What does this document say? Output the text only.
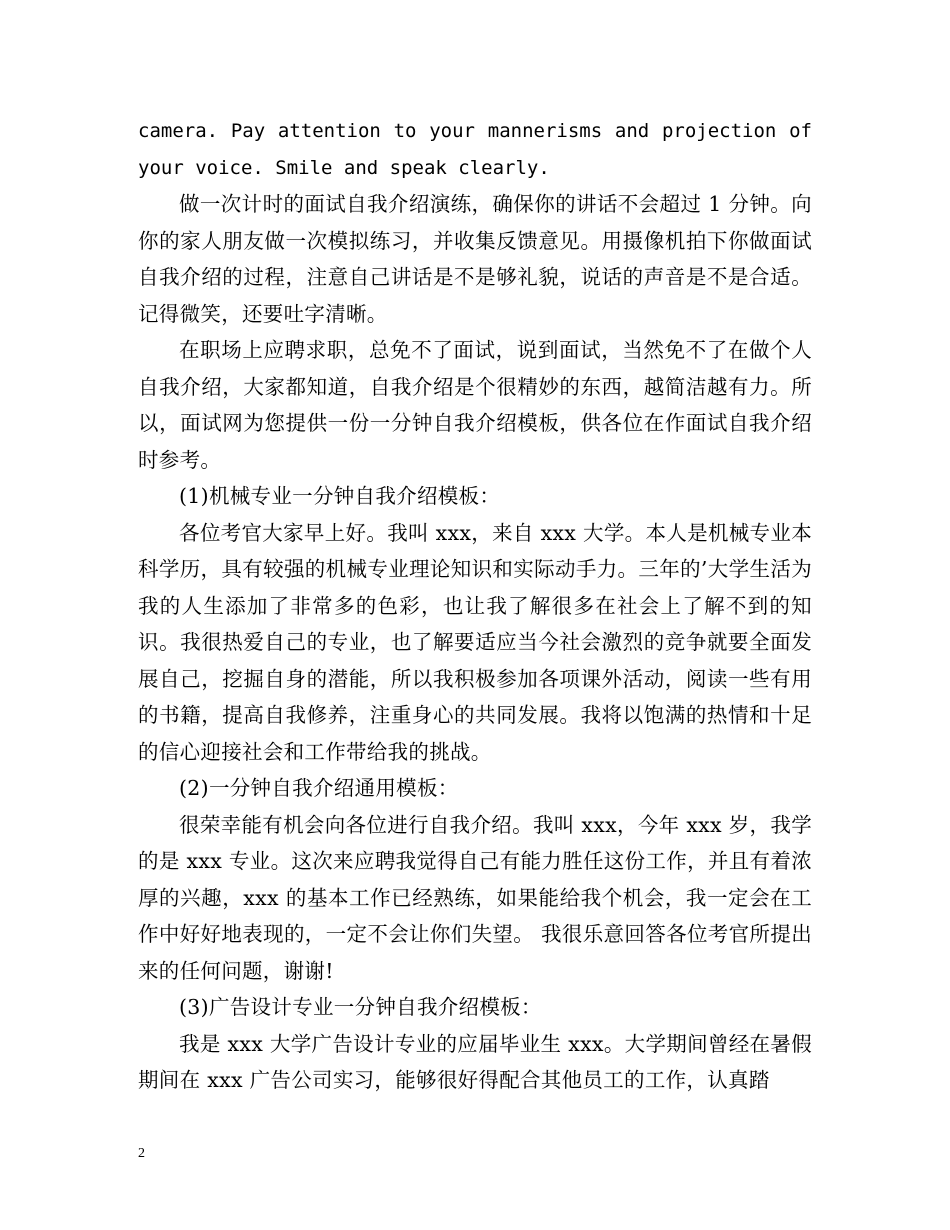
camera. Pay attention to your mannerisms and projection of your voice. Smile and speak clearly.

做一次计时的面试自我介绍演练，确保你的讲话不会超过 1 分钟。向你的家人朋友做一次模拟练习，并收集反馈意见。用摄像机拍下你做面试自我介绍的过程，注意自己讲话是不是够礼貌，说话的声音是不是合适。记得微笑，还要吐字清晰。

在职场上应聘求职，总免不了面试，说到面试，当然免不了在做个人自我介绍，大家都知道，自我介绍是个很精妙的东西，越简洁越有力。所以，面试网为您提供一份一分钟自我介绍模板，供各位在作面试自我介绍时参考。

(1)机械专业一分钟自我介绍模板：

各位考官大家早上好。我叫 xxx，来自 xxx 大学。本人是机械专业本科学历，具有较强的机械专业理论知识和实际动手力。三年的’大学生活为我的人生添加了非常多的色彩，也让我了解很多在社会上了解不到的知识。我很热爱自己的专业，也了解要适应当今社会激烈的竞争就要全面发展自己，挖掘自身的潜能，所以我积极参加各项课外活动，阅读一些有用的书籍，提高自我修养，注重身心的共同发展。我将以饱满的热情和十足的信心迎接社会和工作带给我的挑战。

(2)一分钟自我介绍通用模板：

很荣幸能有机会向各位进行自我介绍。我叫 xxx，今年 xxx 岁，我学的是 xxx 专业。这次来应聘我觉得自己有能力胜任这份工作，并且有着浓厚的兴趣，xxx 的基本工作已经熟练，如果能给我个机会，我一定会在工作中好好地表现的，一定不会让你们失望。 我很乐意回答各位考官所提出来的任何问题，谢谢!

(3)广告设计专业一分钟自我介绍模板：

我是 xxx 大学广告设计专业的应届毕业生 xxx。大学期间曾经在暑假期间在 xxx 广告公司实习，能够很好得配合其他员工的工作，认真踏

2
